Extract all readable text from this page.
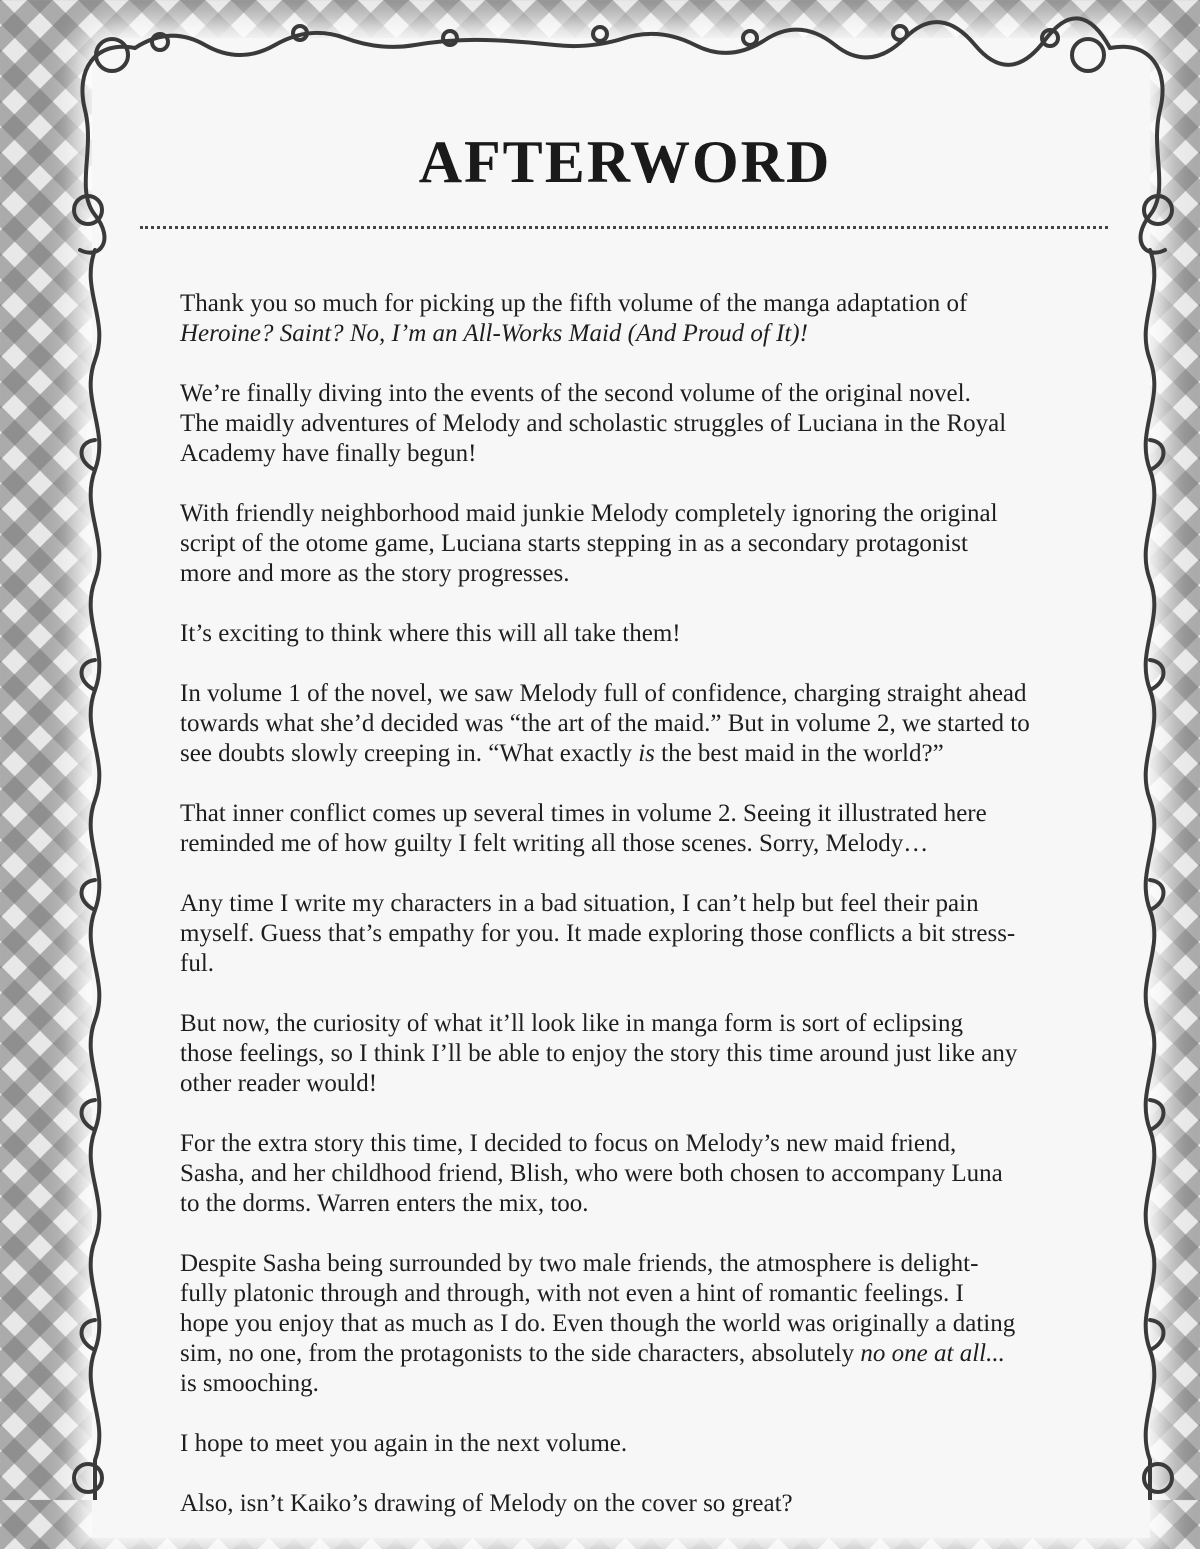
AFTERWORD

Thank you so much for picking up the fifth volume of the manga adaptation of
Heroine? Saint? No, I’m an All-Works Maid (And Proud of It)!

We’re finally diving into the events of the second volume of the original novel.
The maidly adventures of Melody and scholastic struggles of Luciana in the Royal
Academy have finally begun!

With friendly neighborhood maid junkie Melody completely ignoring the original
script of the otome game, Luciana starts stepping in as a secondary protagonist
more and more as the story progresses.

It’s exciting to think where this will all take them!

In volume 1 of the novel, we saw Melody full of confidence, charging straight ahead
towards what she’d decided was “the art of the maid.” But in volume 2, we started to
see doubts slowly creeping in. “What exactly is the best maid in the world?”

That inner conflict comes up several times in volume 2. Seeing it illustrated here
reminded me of how guilty I felt writing all those scenes. Sorry, Melody…

Any time I write my characters in a bad situation, I can’t help but feel their pain
myself. Guess that’s empathy for you. It made exploring those conflicts a bit stress-
ful.

But now, the curiosity of what it’ll look like in manga form is sort of eclipsing
those feelings, so I think I’ll be able to enjoy the story this time around just like any
other reader would!

For the extra story this time, I decided to focus on Melody’s new maid friend,
Sasha, and her childhood friend, Blish, who were both chosen to accompany Luna
to the dorms. Warren enters the mix, too.

Despite Sasha being surrounded by two male friends, the atmosphere is delight-
fully platonic through and through, with not even a hint of romantic feelings. I
hope you enjoy that as much as I do. Even though the world was originally a dating
sim, no one, from the protagonists to the side characters, absolutely no one at all...
is smooching.

I hope to meet you again in the next volume.

Also, isn’t Kaiko’s drawing of Melody on the cover so great?
